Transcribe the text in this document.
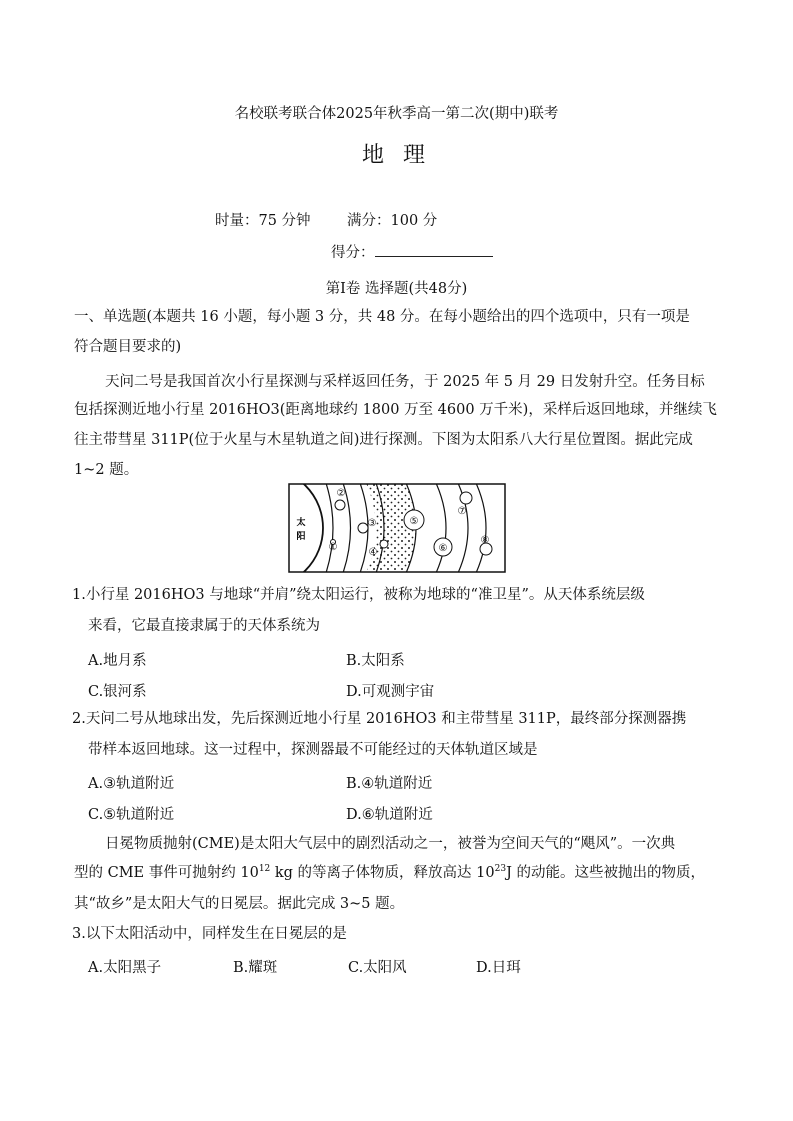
名校联考联合体2025年秋季高一第二次(期中)联考
地 理
时量：75 分钟	满分：100 分
得分：
第Ⅰ卷 选择题(共48分)
一、单选题(本题共 16 小题，每小题 3 分，共 48 分。在每小题给出的四个选项中，只有一项是
符合题目要求的)
天问二号是我国首次小行星探测与采样返回任务，于 2025 年 5 月 29 日发射升空。任务目标
包括探测近地小行星 2016HO3(距离地球约 1800 万至 4600 万千米)，采样后返回地球，并继续飞
往主带彗星 311P(位于火星与木星轨道之间)进行探测。下图为太阳系八大行星位置图。据此完成
1~2 题。
太
阳
①
②
③
④
⑤
⑥
⑦
⑧
1.小行星 2016HO3 与地球“并肩”绕太阳运行，被称为地球的“准卫星”。从天体系统层级
来看，它最直接隶属于的天体系统为
A.地月系	B.太阳系
C.银河系	D.可观测宇宙
2.天问二号从地球出发，先后探测近地小行星 2016HO3 和主带彗星 311P，最终部分探测器携
带样本返回地球。这一过程中，探测器最不可能经过的天体轨道区域是
A.③轨道附近	B.④轨道附近
C.⑤轨道附近	D.⑥轨道附近
日冕物质抛射(CME)是太阳大气层中的剧烈活动之一，被誉为空间天气的“飓风”。一次典
型的 CME 事件可抛射约 $10^{12}$ kg 的等离子体物质，释放高达 $10^{23}J$ 的动能。这些被抛出的物质，
其“故乡”是太阳大气的日冕层。据此完成 3~5 题。
3.以下太阳活动中，同样发生在日冕层的是
A.太阳黑子	B.耀斑	C.太阳风	D.日珥
